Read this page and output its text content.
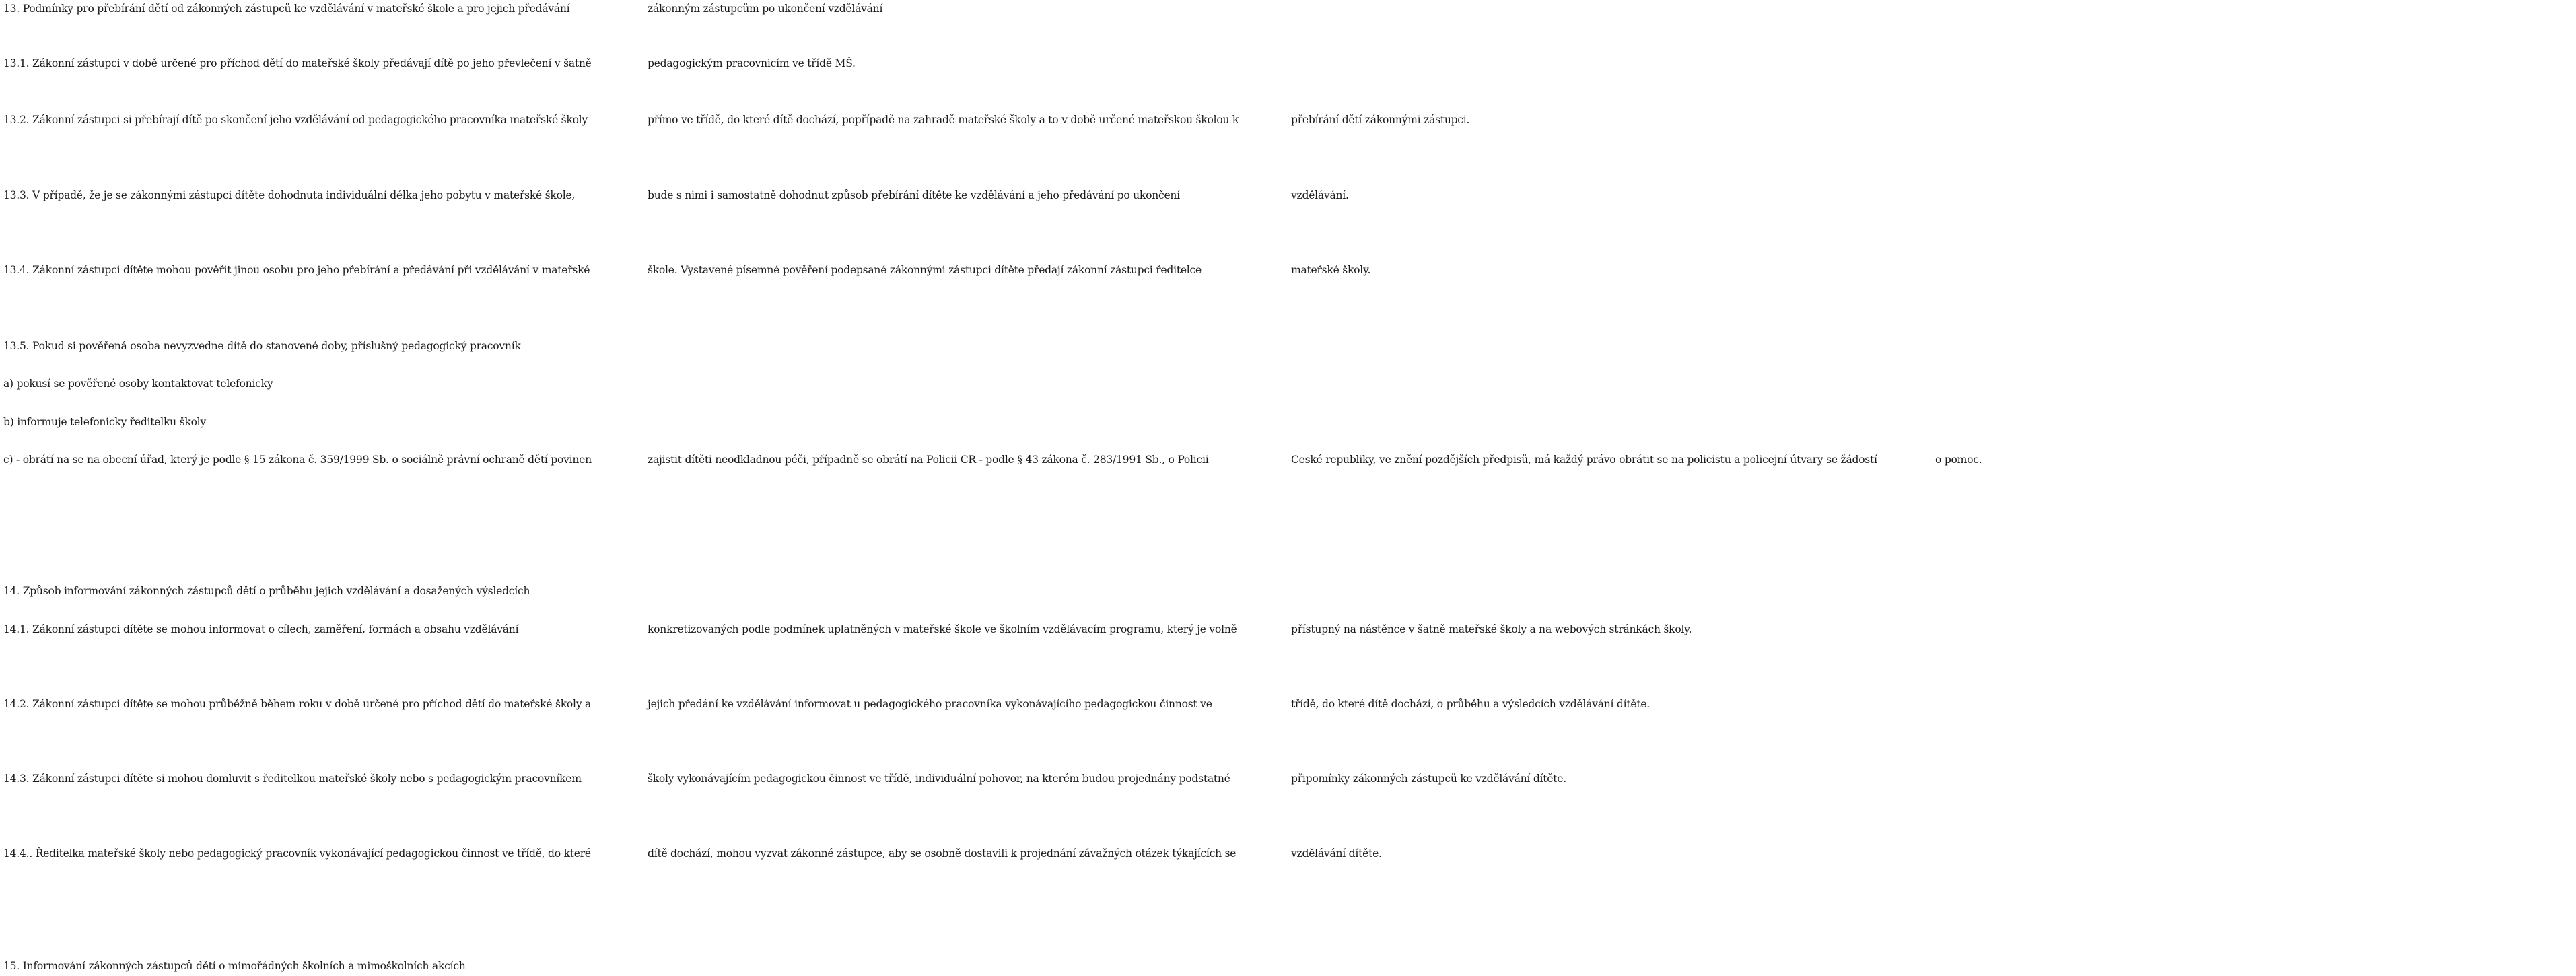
13. Podmínky pro přebírání dětí od zákonných zástupců ke vzdělávání v mateřské škole a pro jejich předávání	zákonným zástupcům po ukončení vzdělávání

13.1. Zákonní zástupci v době určené pro příchod dětí do mateřské školy předávají dítě po jeho převlečení v šatně	pedagogickým pracovnicím ve třídě MŠ.

13.2. Zákonní zástupci si přebírají dítě po skončení jeho vzdělávání od pedagogického pracovníka mateřské školy	přímo ve třídě, do které dítě dochází, popřípadě na zahradě mateřské školy a to v době určené mateřskou školou k	přebírání dětí zákonnými zástupci.

13.3. V případě, že je se zákonnými zástupci dítěte dohodnuta individuální délka jeho pobytu v mateřské škole,	bude s nimi i samostatně dohodnut způsob přebírání dítěte ke vzdělávání a jeho předávání po ukončení	vzdělávání.

13.4. Zákonní zástupci dítěte mohou pověřit jinou osobu pro jeho přebírání a předávání při vzdělávání v mateřské	škole. Vystavené písemné pověření podepsané zákonnými zástupci dítěte předají zákonní zástupci ředitelce	mateřské školy.

13.5. Pokud si pověřená osoba nevyzvedne dítě do stanovené doby, příslušný pedagogický pracovník

a) pokusí se pověřené osoby kontaktovat telefonicky

b) informuje telefonicky ředitelku školy

c) - obrátí na se na obecní úřad, který je podle § 15 zákona č. 359/1999 Sb. o sociálně právní ochraně dětí povinen	zajistit dítěti neodkladnou péči, případně se obrátí na Policii ČR - podle § 43 zákona č. 283/1991 Sb., o Policii	České republiky, ve znění pozdějších předpisů, má každý právo obrátit se na policistu a policejní útvary se žádostí	o pomoc.

14. Způsob informování zákonných zástupců dětí o průběhu jejich vzdělávání a dosažených výsledcích

14.1. Zákonní zástupci dítěte se mohou informovat o cílech, zaměření, formách a obsahu vzdělávání	konkretizovaných podle podmínek uplatněných v mateřské škole ve školním vzdělávacím programu, který je volně	přístupný na nástěnce v šatně mateřské školy a na webových stránkách školy.

14.2. Zákonní zástupci dítěte se mohou průběžně během roku v době určené pro příchod dětí do mateřské školy a	jejich předání ke vzdělávání informovat u pedagogického pracovníka vykonávajícího pedagogickou činnost ve	třídě, do které dítě dochází, o průběhu a výsledcích vzdělávání dítěte.

14.3. Zákonní zástupci dítěte si mohou domluvit s ředitelkou mateřské školy nebo s pedagogickým pracovníkem	školy vykonávajícím pedagogickou činnost ve třídě, individuální pohovor, na kterém budou projednány podstatné	připomínky zákonných zástupců ke vzdělávání dítěte.

14.4.. Ředitelka mateřské školy nebo pedagogický pracovník vykonávající pedagogickou činnost ve třídě, do které	dítě dochází, mohou vyzvat zákonné zástupce, aby se osobně dostavili k projednání závažných otázek týkajících se	vzdělávání dítěte.

15. Informování zákonných zástupců dětí o mimořádných školních a mimoškolních akcích
